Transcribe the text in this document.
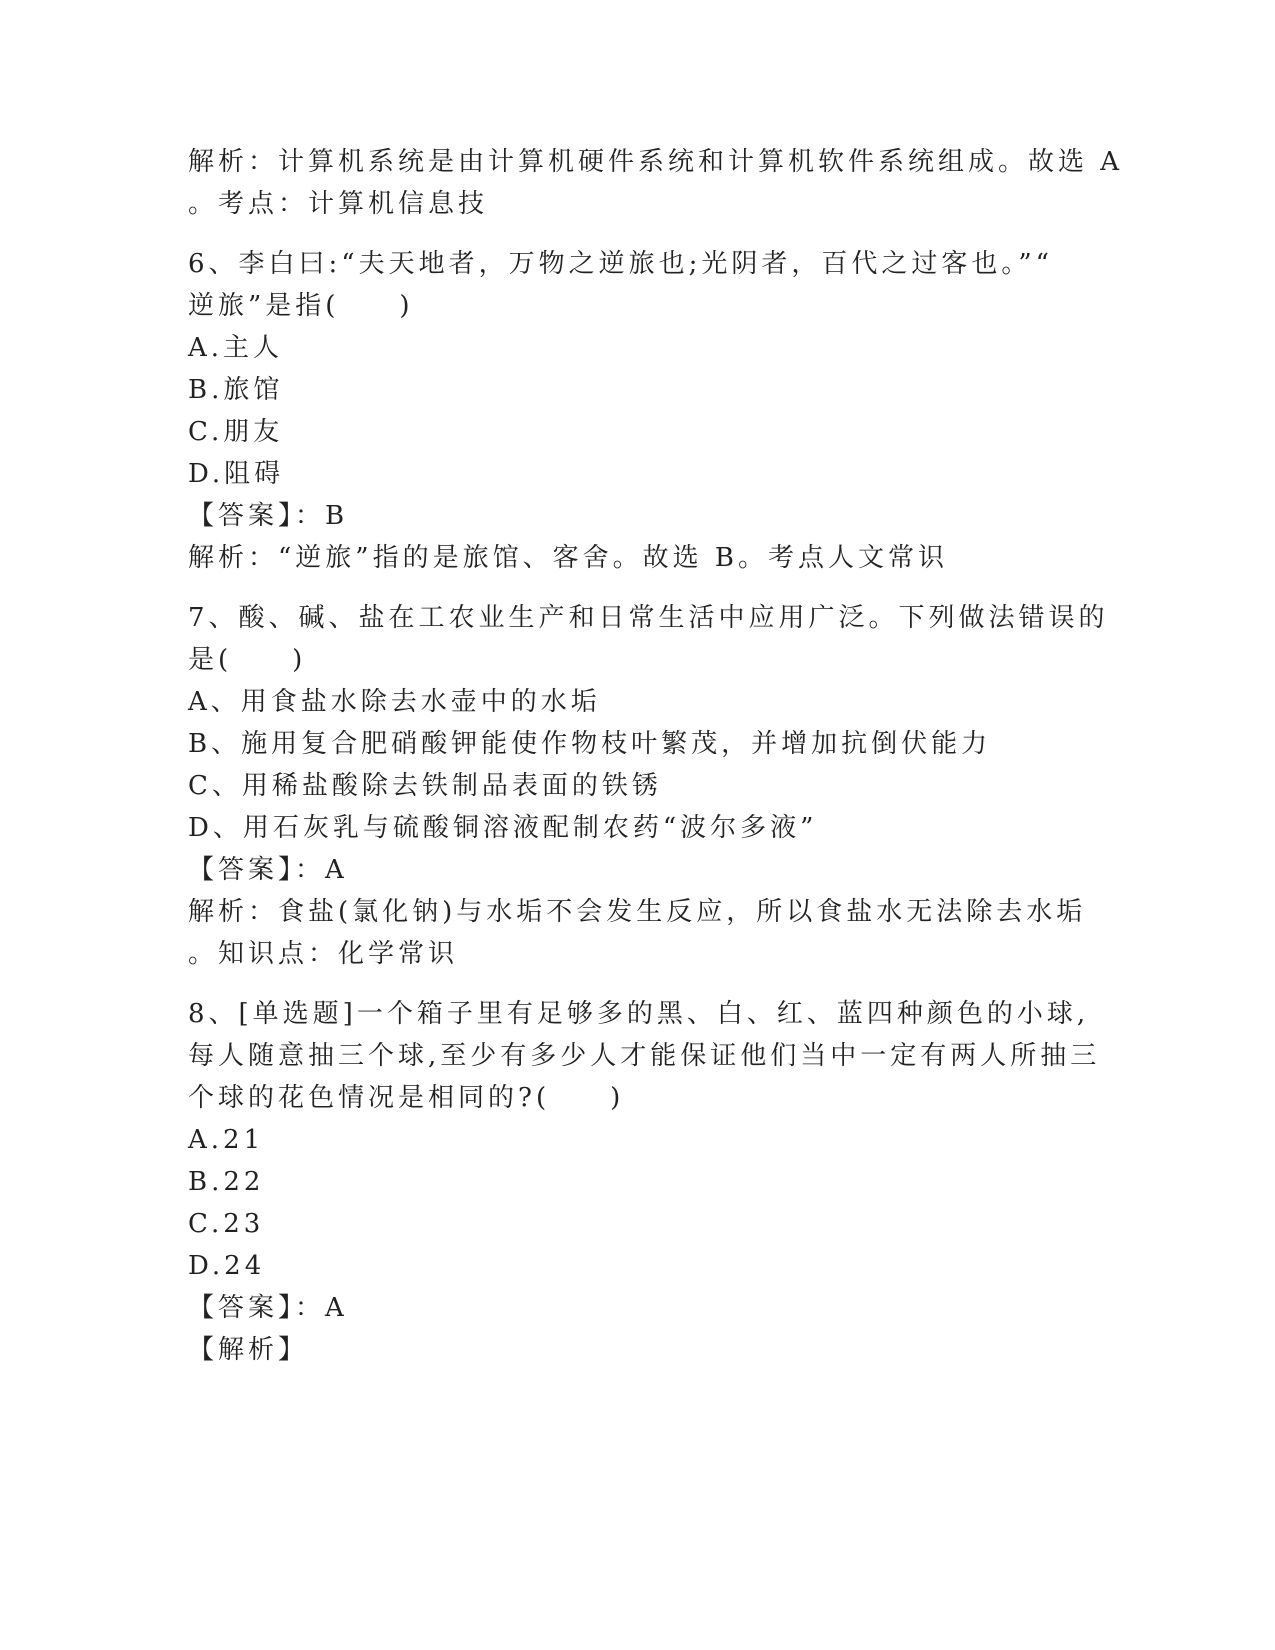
解析：计算机系统是由计算机硬件系统和计算机软件系统组成。故选 A
。考点：计算机信息技
6、李白曰:“夫天地者，万物之逆旅也;光阴者，百代之过客也。”“
逆旅”是指(　　)
A.主人
B.旅馆
C.朋友
D.阻碍
【答案】：B
解析：“逆旅”指的是旅馆、客舍。故选 B。考点人文常识
7、酸、碱、盐在工农业生产和日常生活中应用广泛。下列做法错误的
是(　　)
A、用食盐水除去水壶中的水垢
B、施用复合肥硝酸钾能使作物枝叶繁茂，并增加抗倒伏能力
C、用稀盐酸除去铁制品表面的铁锈
D、用石灰乳与硫酸铜溶液配制农药“波尔多液”
【答案】：A
解析：食盐(氯化钠)与水垢不会发生反应，所以食盐水无法除去水垢
。知识点：化学常识
8、[单选题]一个箱子里有足够多的黑、白、红、蓝四种颜色的小球,
每人随意抽三个球,至少有多少人才能保证他们当中一定有两人所抽三
个球的花色情况是相同的?(　　)
A.21
B.22
C.23
D.24
【答案】：A
【解析】
